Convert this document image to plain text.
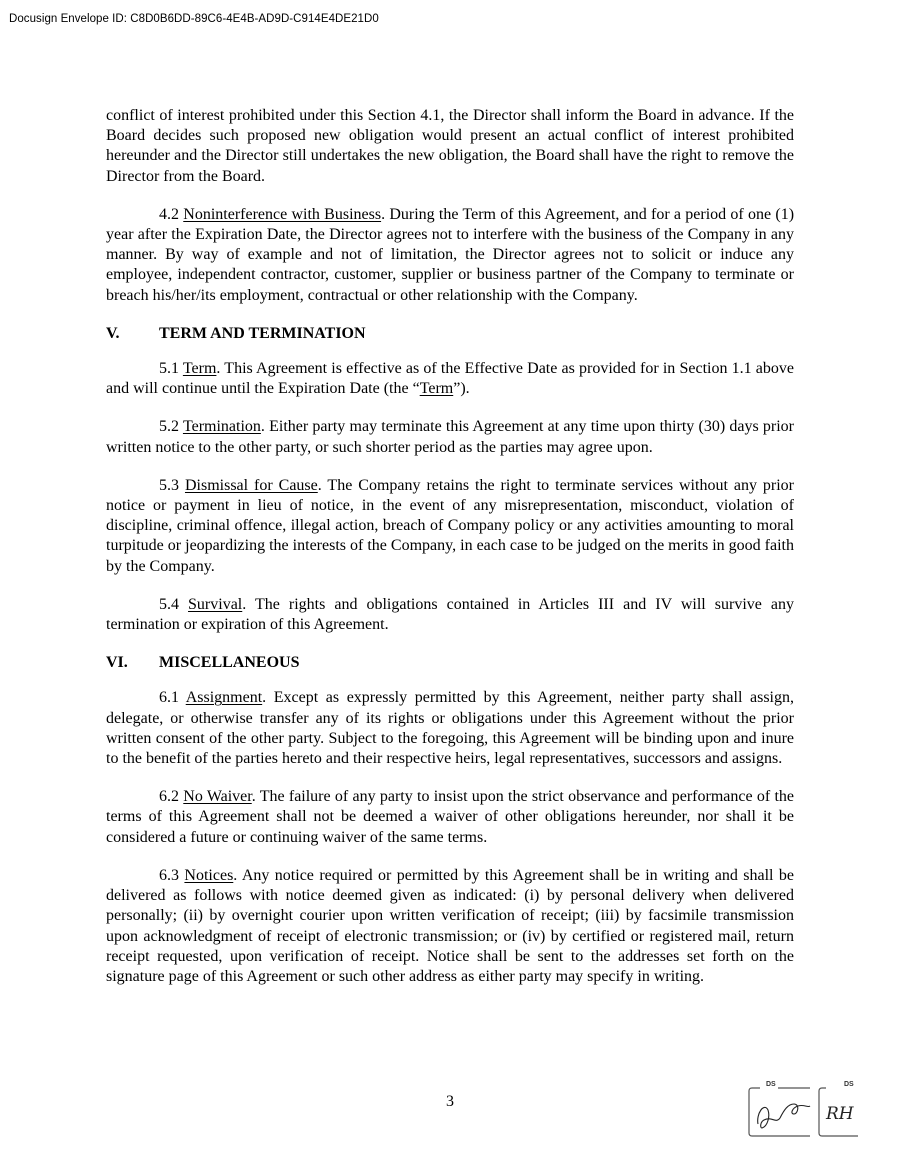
Docusign Envelope ID: C8D0B6DD-89C6-4E4B-AD9D-C914E4DE21D0

conflict of interest prohibited under this Section 4.1, the Director shall inform the Board in advance. If the Board decides such proposed new obligation would present an actual conflict of interest prohibited hereunder and the Director still undertakes the new obligation, the Board shall have the right to remove the Director from the Board.

4.2 Noninterference with Business. During the Term of this Agreement, and for a period of one (1) year after the Expiration Date, the Director agrees not to interfere with the business of the Company in any manner. By way of example and not of limitation, the Director agrees not to solicit or induce any employee, independent contractor, customer, supplier or business partner of the Company to terminate or breach his/her/its employment, contractual or other relationship with the Company.

V.	TERM AND TERMINATION

5.1 Term. This Agreement is effective as of the Effective Date as provided for in Section 1.1 above and will continue until the Expiration Date (the “Term”).

5.2 Termination. Either party may terminate this Agreement at any time upon thirty (30) days prior written notice to the other party, or such shorter period as the parties may agree upon.

5.3 Dismissal for Cause. The Company retains the right to terminate services without any prior notice or payment in lieu of notice, in the event of any misrepresentation, misconduct, violation of discipline, criminal offence, illegal action, breach of Company policy or any activities amounting to moral turpitude or jeopardizing the interests of the Company, in each case to be judged on the merits in good faith by the Company.

5.4 Survival. The rights and obligations contained in Articles III and IV will survive any termination or expiration of this Agreement.

VI.	MISCELLANEOUS

6.1 Assignment. Except as expressly permitted by this Agreement, neither party shall assign, delegate, or otherwise transfer any of its rights or obligations under this Agreement without the prior written consent of the other party. Subject to the foregoing, this Agreement will be binding upon and inure to the benefit of the parties hereto and their respective heirs, legal representatives, successors and assigns.

6.2 No Waiver. The failure of any party to insist upon the strict observance and performance of the terms of this Agreement shall not be deemed a waiver of other obligations hereunder, nor shall it be considered a future or continuing waiver of the same terms.

6.3 Notices. Any notice required or permitted by this Agreement shall be in writing and shall be delivered as follows with notice deemed given as indicated: (i) by personal delivery when delivered personally; (ii) by overnight courier upon written verification of receipt; (iii) by facsimile transmission upon acknowledgment of receipt of electronic transmission; or (iv) by certified or registered mail, return receipt requested, upon verification of receipt. Notice shall be sent to the addresses set forth on the signature page of this Agreement or such other address as either party may specify in writing.

3
DS	DS
RH
